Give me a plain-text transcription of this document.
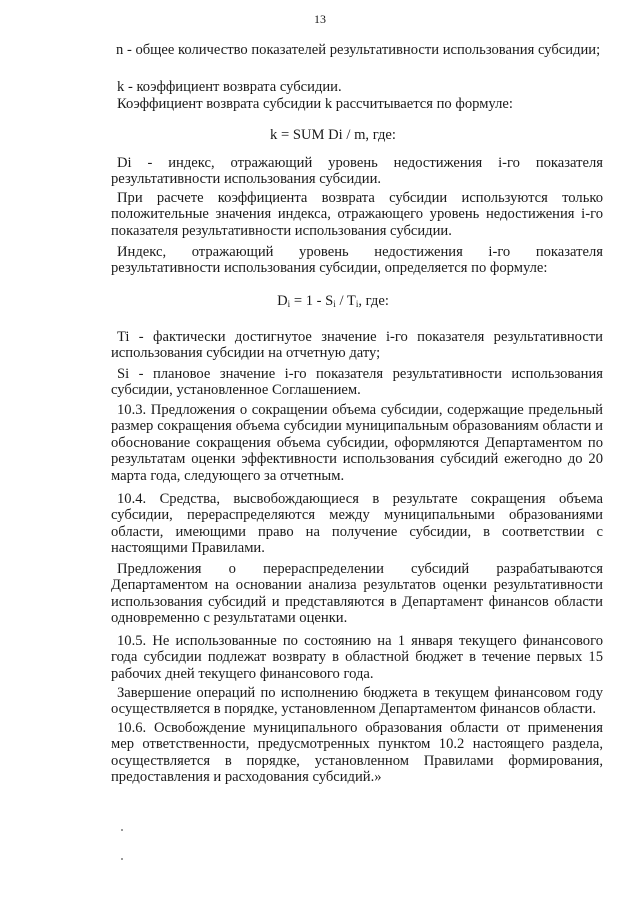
13

n - общее количество показателей результативности использования субсидии;

k - коэффициент возврата субсидии.

Коэффициент возврата субсидии k рассчитывается по формуле:

k = SUM Di / m, где:

Di - индекс, отражающий уровень недостижения i-го показателя результативности использования субсидии.

При расчете коэффициента возврата субсидии используются только положительные значения индекса, отражающего уровень недостижения i-го показателя результативности использования субсидии.

Индекс, отражающий уровень недостижения i-го показателя результативности использования субсидии, определяется по формуле:

$D_i = 1 - S_i / T_i$, где:

Ti - фактически достигнутое значение i-го показателя результативности использования субсидии на отчетную дату;

Si - плановое значение i-го показателя результативности использования субсидии, установленное Соглашением.

10.3. Предложения о сокращении объема субсидии, содержащие предельный размер сокращения объема субсидии муниципальным образованиям области и обоснование сокращения объема субсидии, оформляются Департаментом по результатам оценки эффективности использования субсидий ежегодно до 20 марта года, следующего за отчетным.

10.4. Средства, высвобождающиеся в результате сокращения объема субсидии, перераспределяются между муниципальными образованиями области, имеющими право на получение субсидии, в соответствии с настоящими Правилами.

Предложения о перераспределении субсидий разрабатываются Департаментом на основании анализа результатов оценки результативности использования субсидий и представляются в Департамент финансов области одновременно с результатами оценки.

10.5. Не использованные по состоянию на 1 января текущего финансового года субсидии подлежат возврату в областной бюджет в течение первых 15 рабочих дней текущего финансового года.

Завершение операций по исполнению бюджета в текущем финансовом году осуществляется в порядке, установленном Департаментом финансов области.

10.6. Освобождение муниципального образования области от применения мер ответственности, предусмотренных пунктом 10.2 настоящего раздела, осуществляется в порядке, установленном Правилами формирования, предоставления и расходования субсидий.»
